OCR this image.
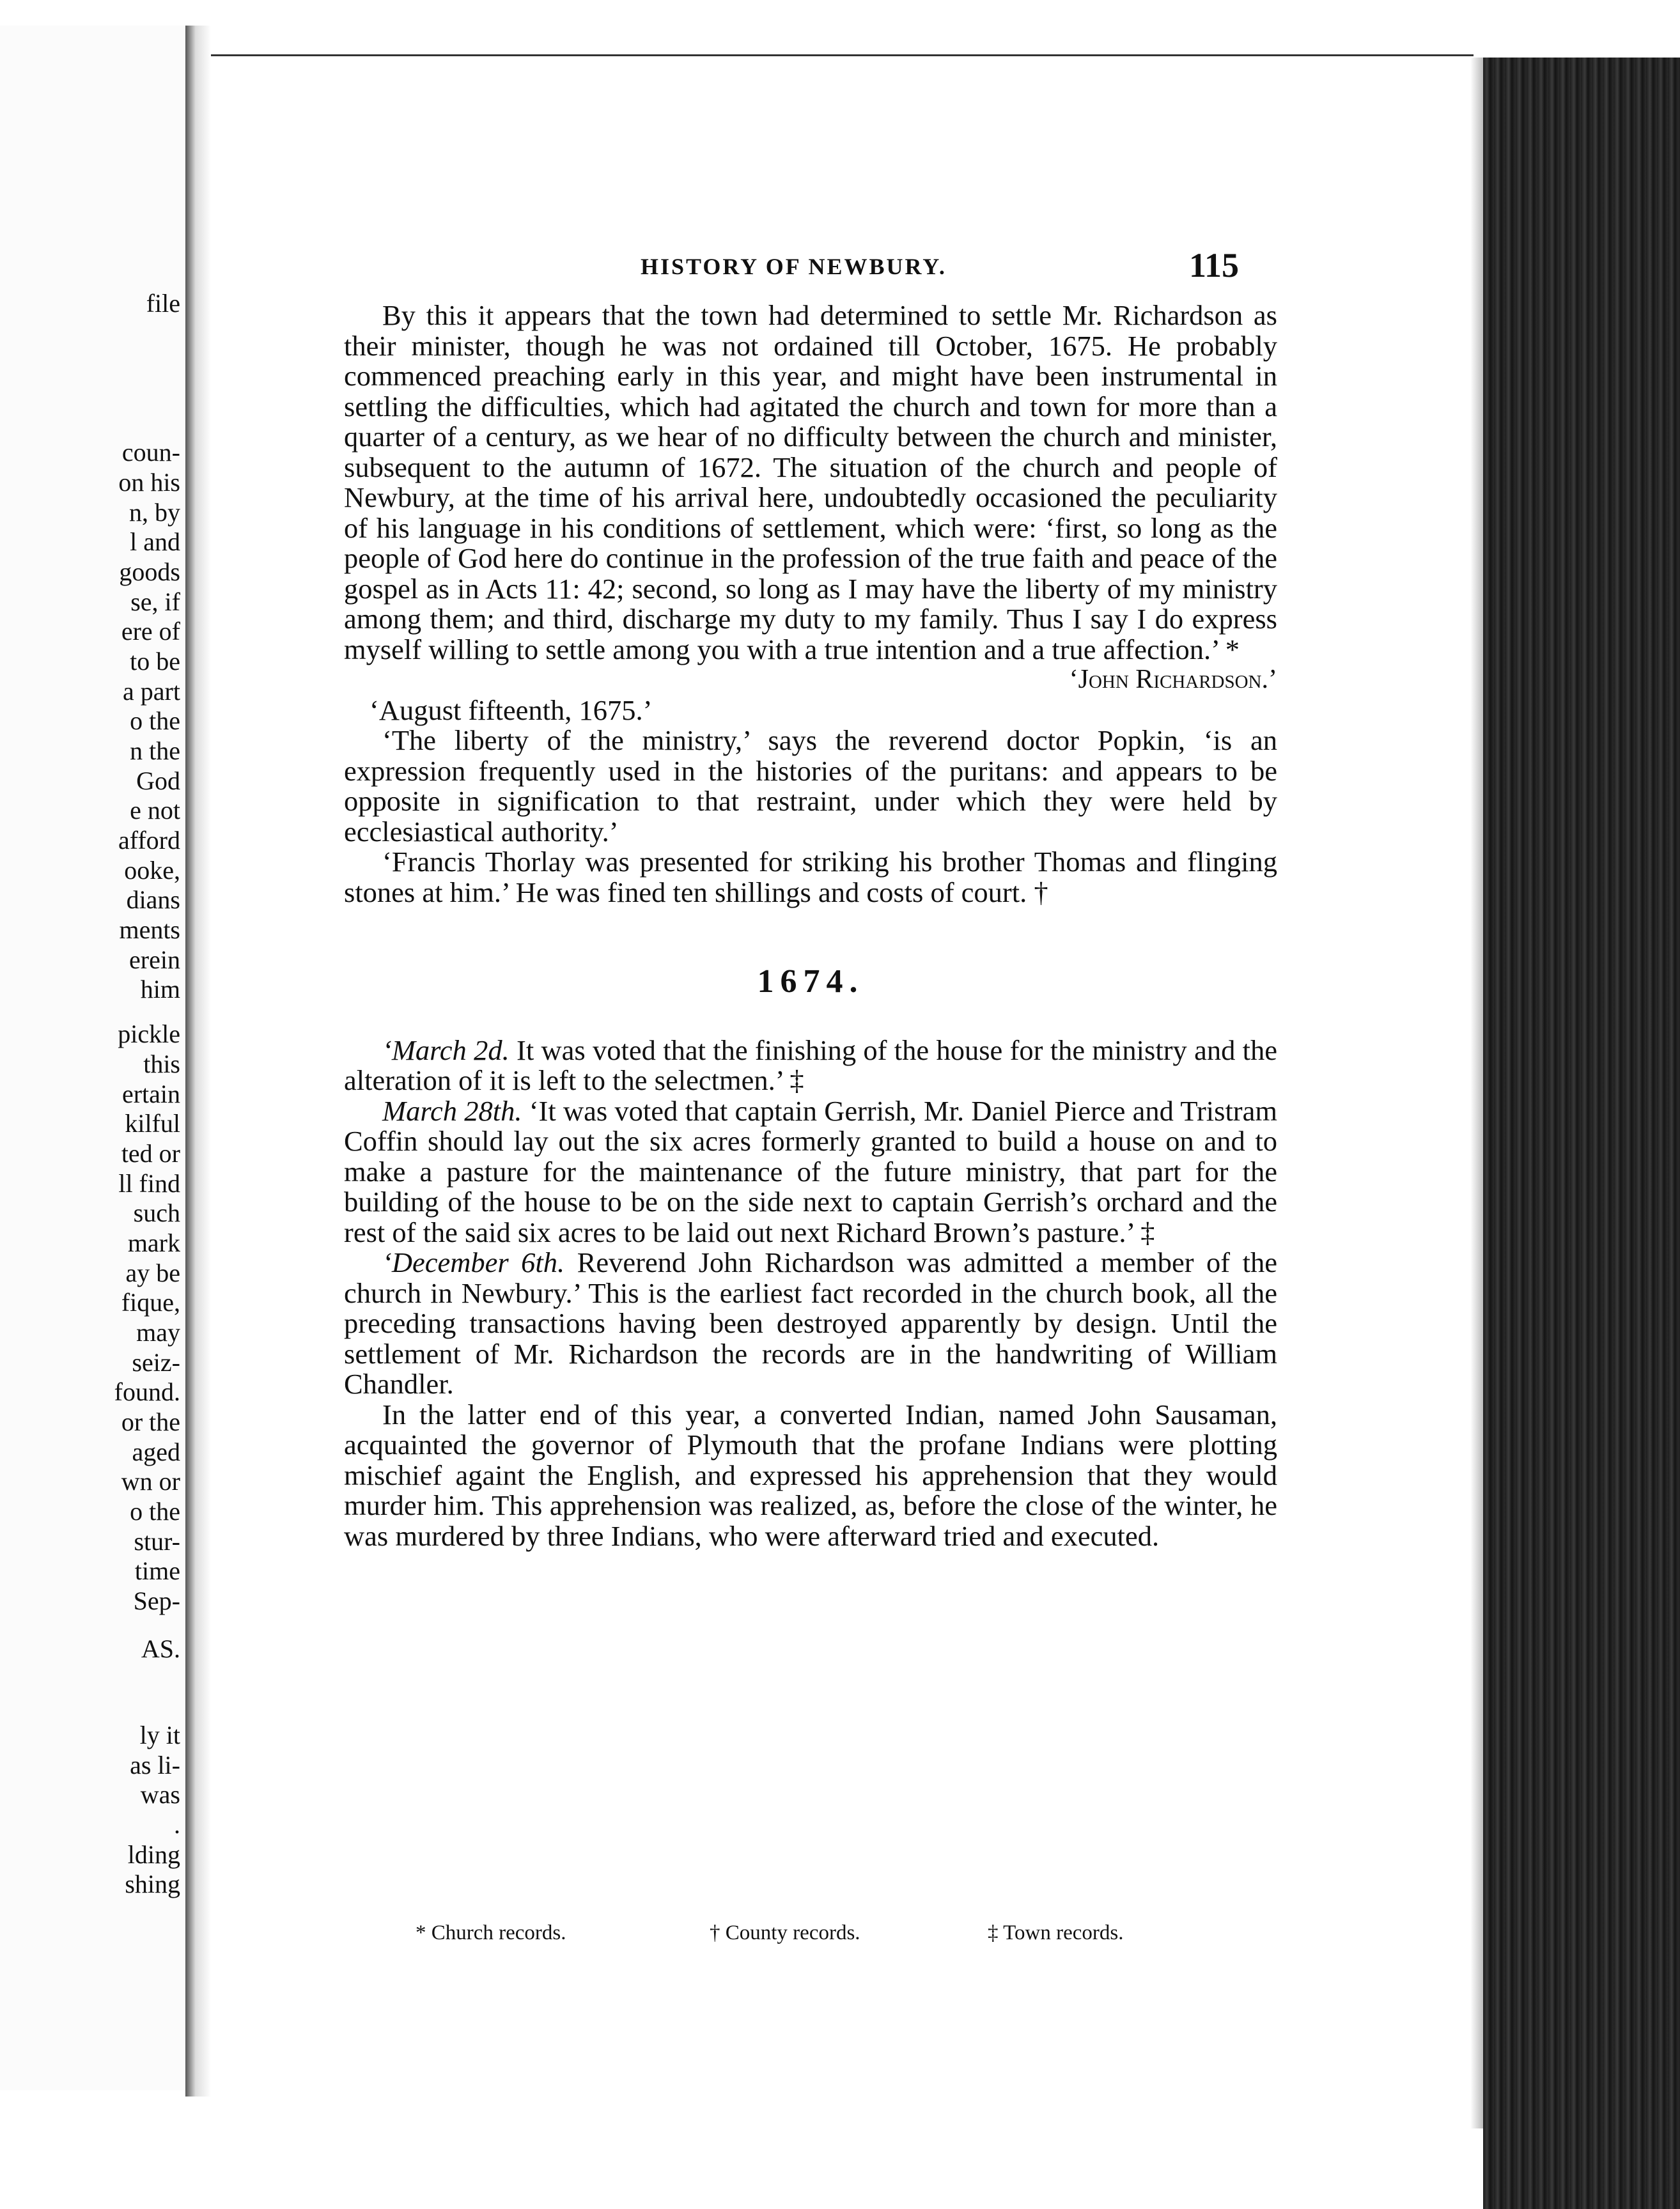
file
coun-
on his
n, by
l and
goods
se, if
ere of
to be
a part
o the
n the
God
e not
afford
ooke,
dians
ments
erein
him
pickle
this
ertain
kilful
ted or
ll find
such
mark
ay be
fique,
may
seiz-
found.
or the
aged
wn or
o the
stur-
time
Sep-
AS.
ly it
as li-
was
.
lding
shing
HISTORY OF NEWBURY.	115

By this it appears that the town had determined to settle Mr. Richardson as their minister, though he was not ordained till October, 1675. He probably commenced preaching early in this year, and might have been instrumental in settling the difficulties, which had agitated the church and town for more than a quarter of a century, as we hear of no difficulty between the church and minister, subsequent to the autumn of 1672. The situation of the church and people of Newbury, at the time of his arrival here, undoubtedly occasioned the peculiarity of his language in his conditions of settlement, which were: ‘first, so long as the people of God here do continue in the profession of the true faith and peace of the gospel as in Acts 11: 42; second, so long as I may have the liberty of my ministry among them; and third, discharge my duty to my family. Thus I say I do express myself willing to settle among you with a true intention and a true affection.’ *

‘John Richardson.’

‘August fifteenth, 1675.’

‘The liberty of the ministry,’ says the reverend doctor Popkin, ‘is an expression frequently used in the histories of the puritans: and appears to be opposite in signification to that restraint, under which they were held by ecclesiastical authority.’

‘Francis Thorlay was presented for striking his brother Thomas and flinging stones at him.’ He was fined ten shillings and costs of court. †

1674.

‘March 2d. It was voted that the finishing of the house for the ministry and the alteration of it is left to the selectmen.’ ‡

March 28th. ‘It was voted that captain Gerrish, Mr. Daniel Pierce and Tristram Coffin should lay out the six acres formerly granted to build a house on and to make a pasture for the maintenance of the future ministry, that part for the building of the house to be on the side next to captain Gerrish’s orchard and the rest of the said six acres to be laid out next Richard Brown’s pasture.’ ‡

‘December 6th. Reverend John Richardson was admitted a member of the church in Newbury.’ This is the earliest fact recorded in the church book, all the preceding transactions having been destroyed apparently by design. Until the settlement of Mr. Richardson the records are in the handwriting of William Chandler.

In the latter end of this year, a converted Indian, named John Sausaman, acquainted the governor of Plymouth that the profane Indians were plotting mischief againt the English, and expressed his apprehension that they would murder him. This apprehension was realized, as, before the close of the winter, he was murdered by three Indians, who were afterward tried and executed.

* Church records.	† County records.	‡ Town records.
